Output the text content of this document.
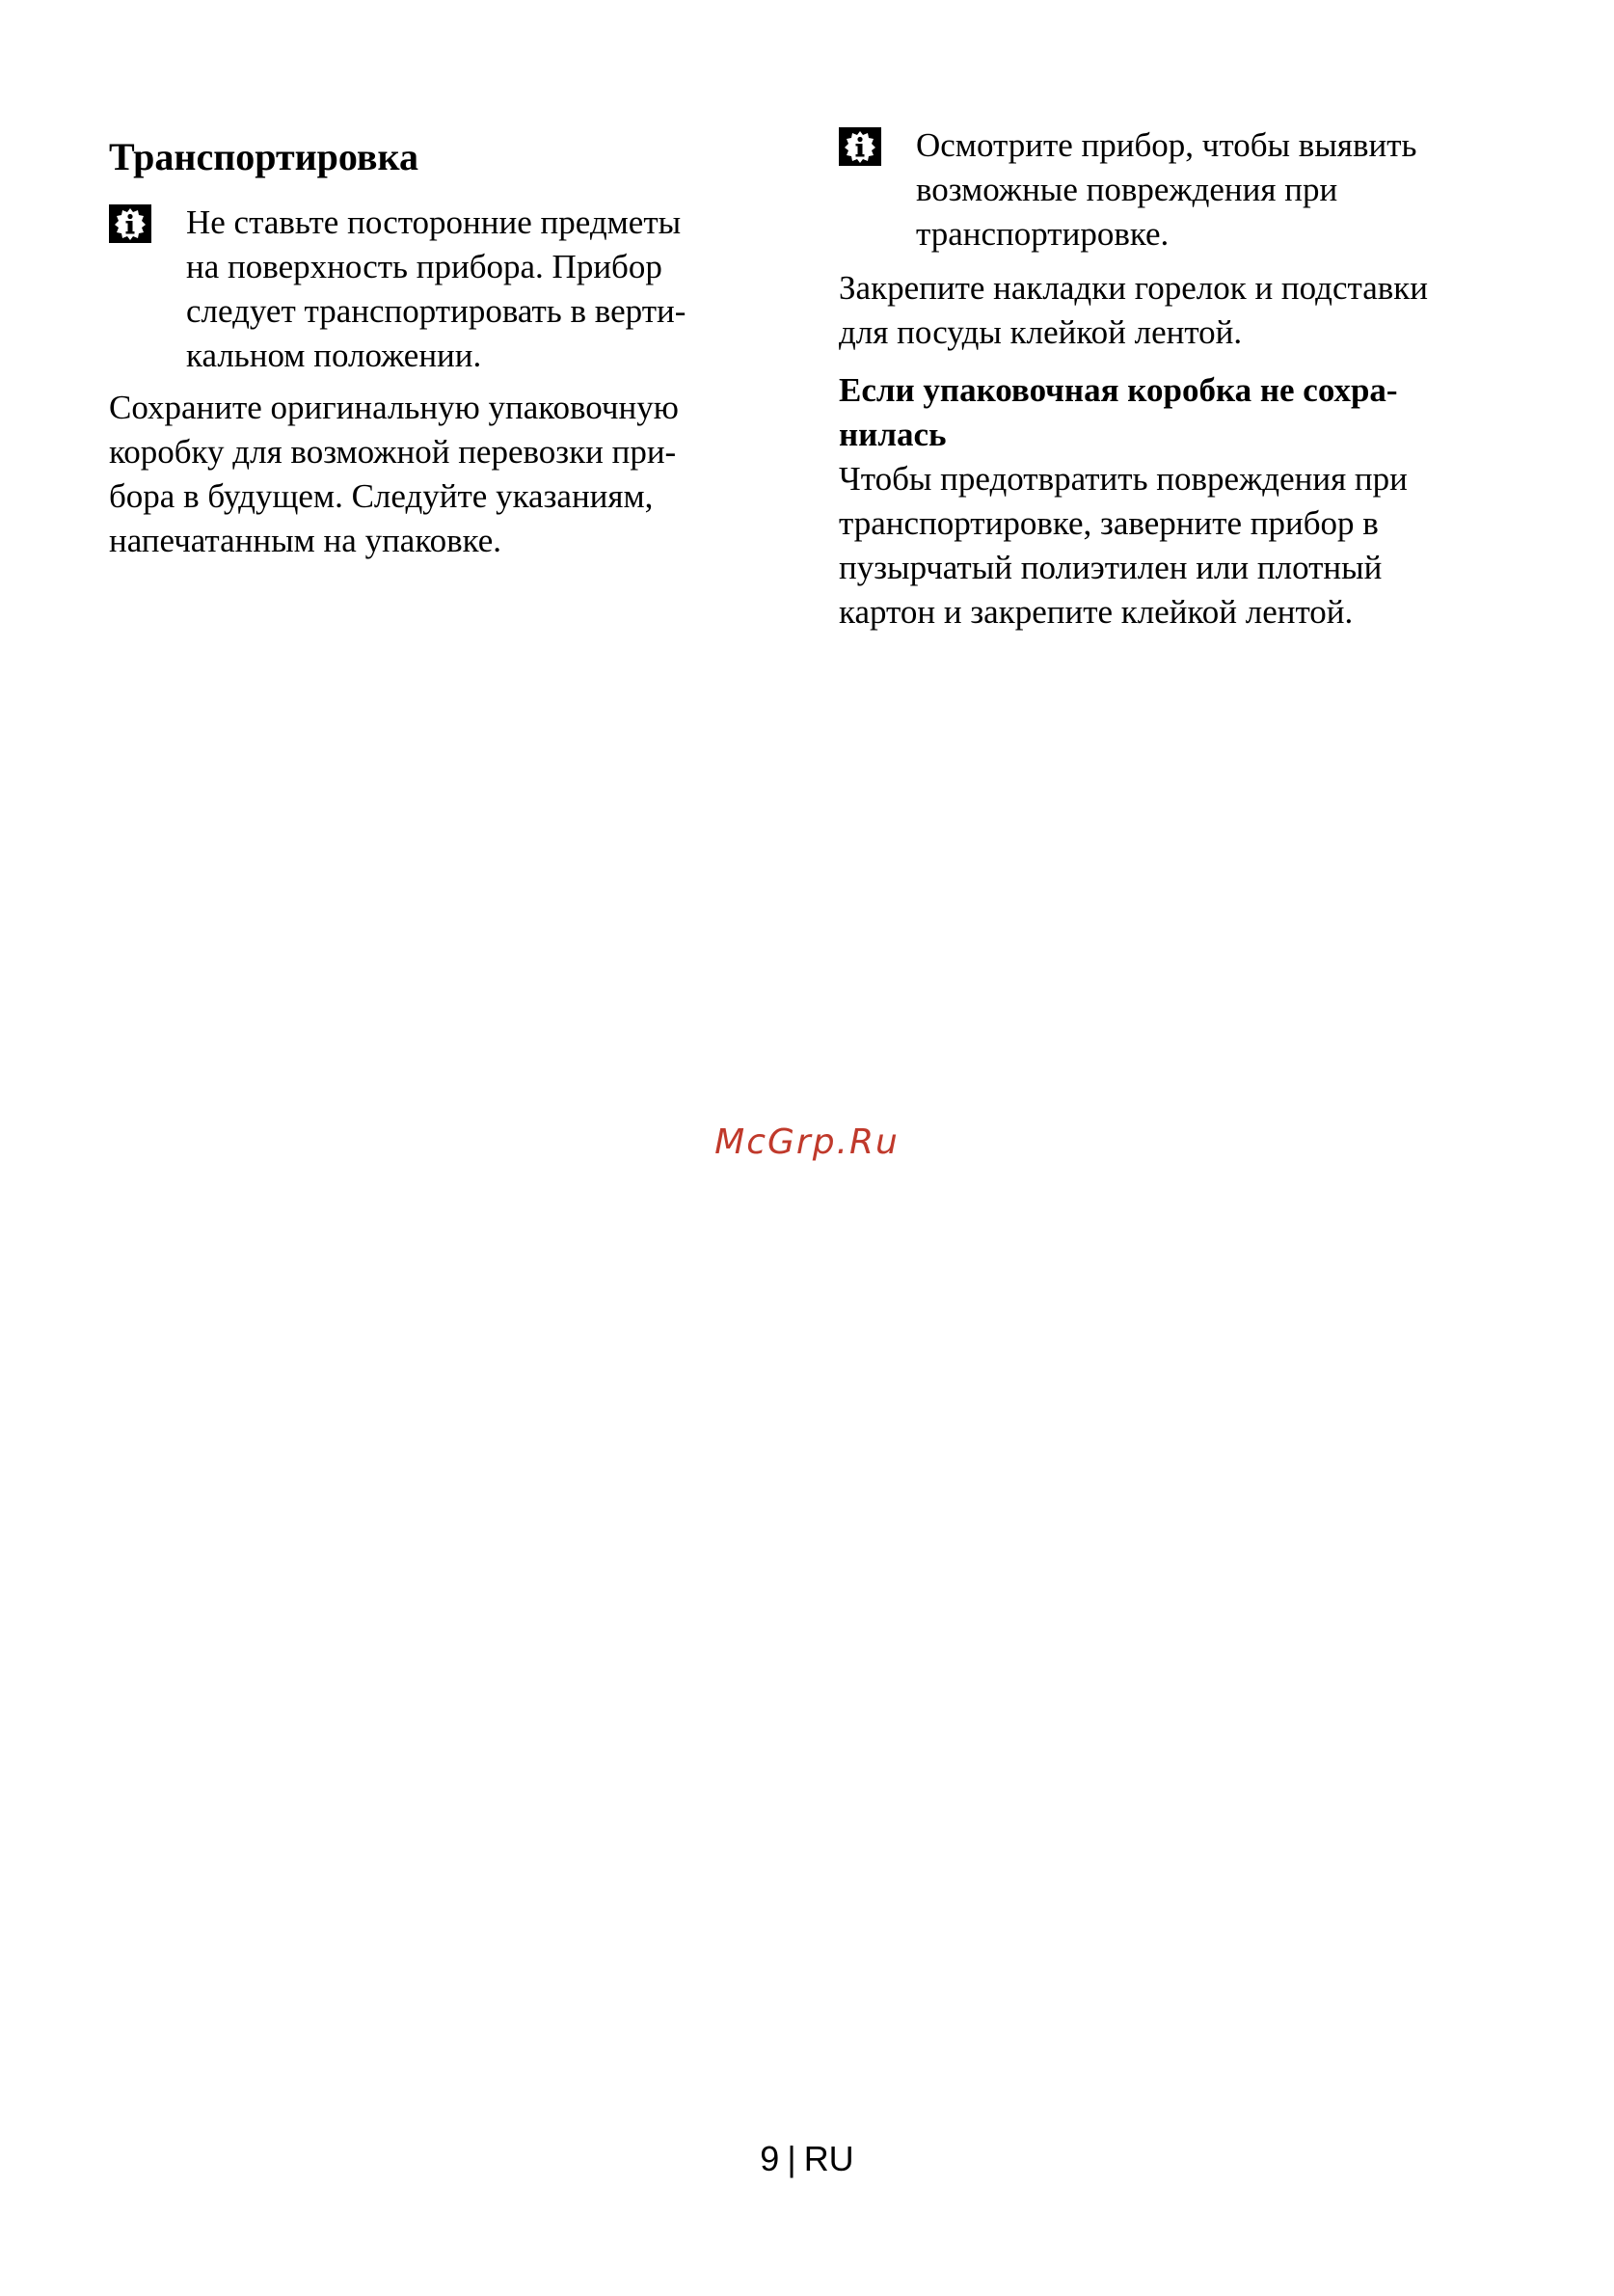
Транспортировка

Не ставьте посторонние предметы
на поверхность прибора. Прибор
следует транспортировать в верти-
кальном положении.

Сохраните оригинальную упаковочную
коробку для возможной перевозки при-
бора в будущем. Следуйте указаниям,
напечатанным на упаковке.

Осмотрите прибор, чтобы выявить
возможные повреждения при
транспортировке.

Закрепите накладки горелок и подставки
для посуды клейкой лентой.

Если упаковочная коробка не сохра-
нилась

Чтобы предотвратить повреждения при
транспортировке, заверните прибор в
пузырчатый полиэтилен или плотный
картон и закрепите клейкой лентой.

McGrp.Ru
9 | RU
